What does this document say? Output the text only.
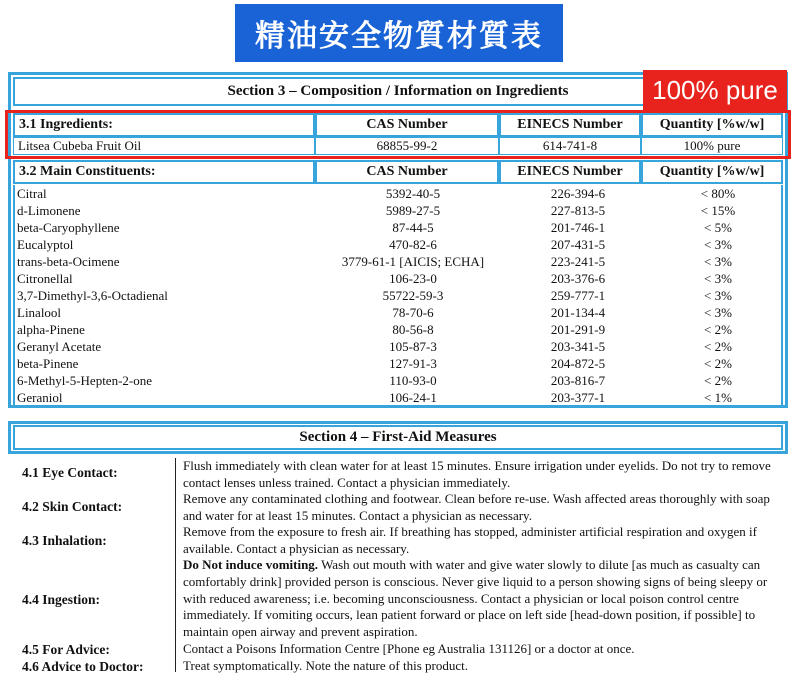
精油安全物質材質表
Section 3 – Composition / Information on Ingredients	100% pure
3.1 Ingredients:	CAS Number	EINECS Number	Quantity [%w/w]
Litsea Cubeba Fruit Oil	68855-99-2	614-741-8	100% pure
3.2 Main Constituents:	CAS Number	EINECS Number	Quantity [%w/w]
Citral	5392-40-5	226-394-6	< 80%
d-Limonene	5989-27-5	227-813-5	< 15%
beta-Caryophyllene	87-44-5	201-746-1	< 5%
Eucalyptol	470-82-6	207-431-5	< 3%
trans-beta-Ocimene	3779-61-1 [AICIS; ECHA]	223-241-5	< 3%
Citronellal	106-23-0	203-376-6	< 3%
3,7-Dimethyl-3,6-Octadienal	55722-59-3	259-777-1	< 3%
Linalool	78-70-6	201-134-4	< 3%
alpha-Pinene	80-56-8	201-291-9	< 2%
Geranyl Acetate	105-87-3	203-341-5	< 2%
beta-Pinene	127-91-3	204-872-5	< 2%
6-Methyl-5-Hepten-2-one	110-93-0	203-816-7	< 2%
Geraniol	106-24-1	203-377-1	< 1%
Section 4 – First-Aid Measures
4.1 Eye Contact:	Flush immediately with clean water for at least 15 minutes. Ensure irrigation under eyelids. Do not try to remove contact lenses unless trained. Contact a physician immediately.
4.2 Skin Contact:
Remove any contaminated clothing and footwear. Clean before re-use. Wash affected areas thoroughly with soap and water for at least 15 minutes. Contact a physician as necessary.
4.3 Inhalation:
Remove from the exposure to fresh air. If breathing has stopped, administer artificial respiration and oxygen if available. Contact a physician as necessary.
4.4 Ingestion:
Do Not induce vomiting. Wash out mouth with water and give water slowly to dilute [as much as casualty can comfortably drink] provided person is conscious. Never give liquid to a person showing signs of being sleepy or with reduced awareness; i.e. becoming unconsciousness. Contact a physician or local poison control centre immediately. If vomiting occurs, lean patient forward or place on left side [head-down position, if possible] to maintain open airway and prevent aspiration.
4.5 For Advice:	Contact a Poisons Information Centre [Phone eg Australia 131126] or a doctor at once.
4.6 Advice to Doctor:	Treat symptomatically. Note the nature of this product.
